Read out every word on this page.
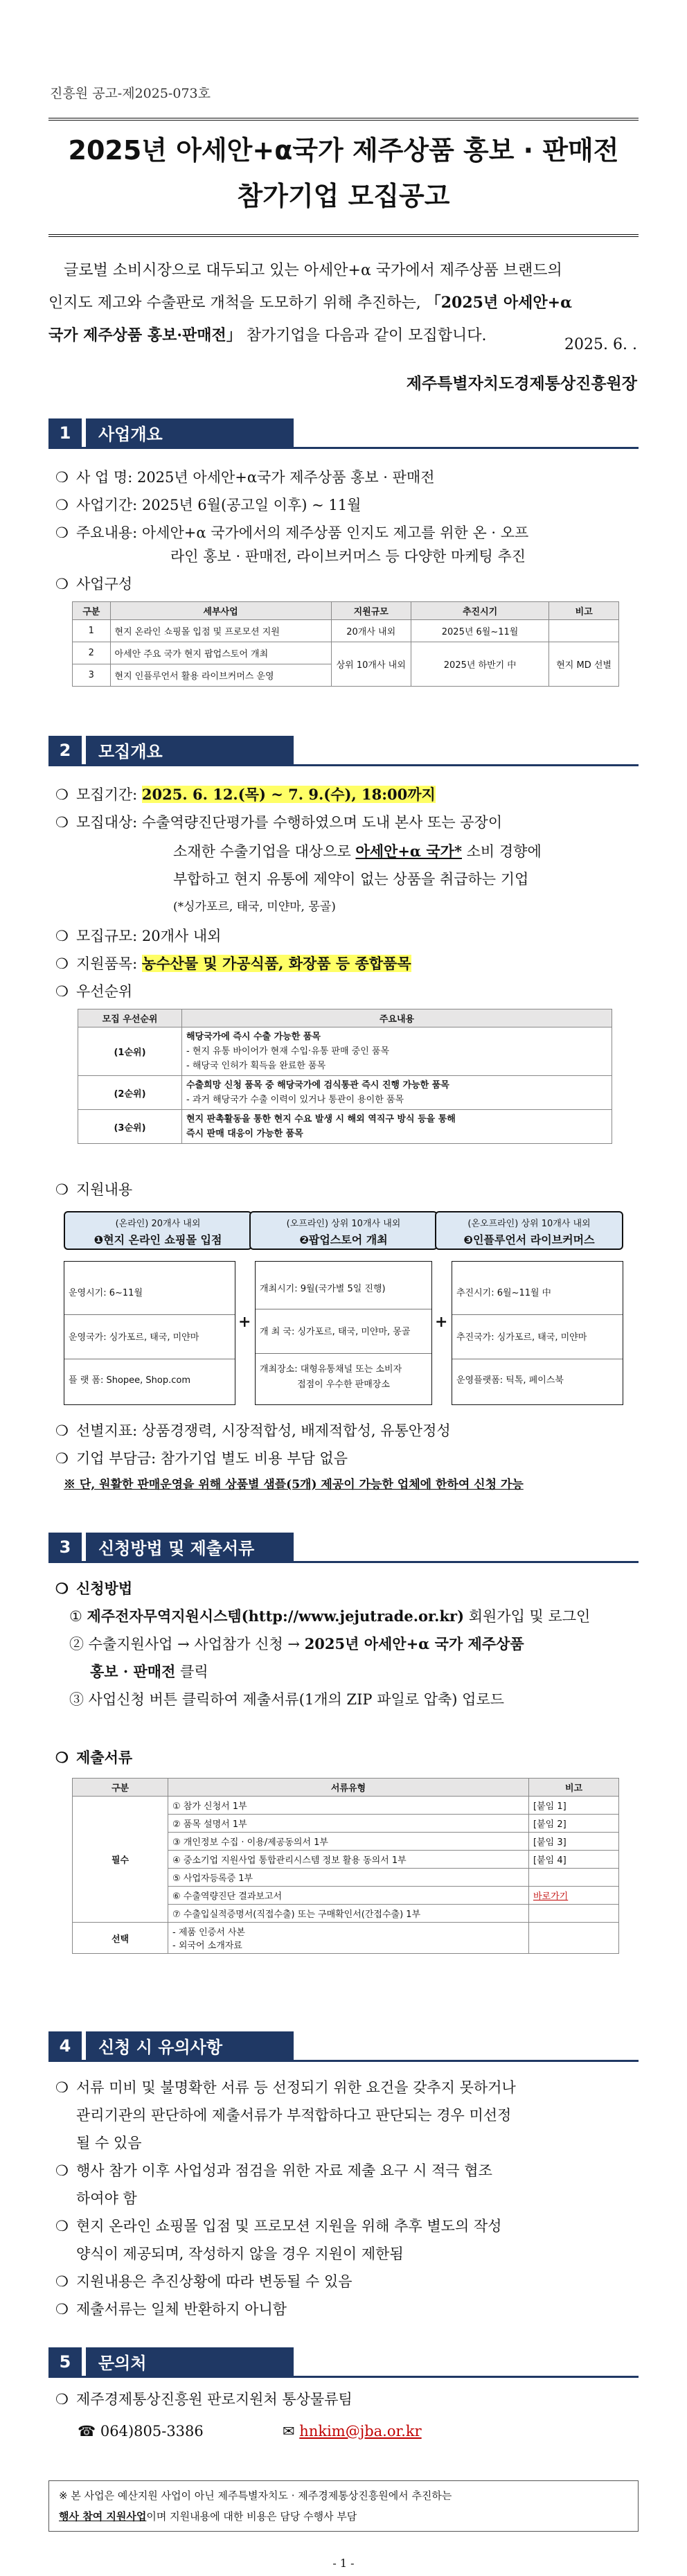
진흥원 공고-제2025-073호
2025년 아세안+α국가 제주상품 홍보 · 판매전
참가기업 모집공고
글로벌 소비시장으로 대두되고 있는 아세안+α 국가에서 제주상품 브랜드의
인지도 제고와 수출판로 개척을 도모하기 위해 추진하는, 「2025년 아세안+α
국가 제주상품 홍보·판매전」 참가기업을 다음과 같이 모집합니다.
2025. 6. .
제주특별자치도경제통상진흥원장
1	사업개요
❍ 사 업 명: 2025년 아세안+α국가 제주상품 홍보 · 판매전
❍ 사업기간: 2025년 6월(공고일 이후) ~ 11월
❍ 주요내용: 아세안+α 국가에서의 제주상품 인지도 제고를 위한 온 · 오프
라인 홍보 · 판매전, 라이브커머스 등 다양한 마케팅 추진
❍ 사업구성
구분	세부사업	지원규모	추진시기	비고
1	현지 온라인 쇼핑몰 입점 및 프로모션 지원	20개사 내외	2025년 6월~11월	
2	아세안 주요 국가 현지 팝업스토어 개최	상위 10개사 내외	2025년 하반기 中	현지 MD 선별
3	현지 인플루언서 활용 라이브커머스 운영			
2	모집개요
❍ 모집기간: 2025. 6. 12.(목) ~ 7. 9.(수), 18:00까지
❍ 모집대상: 수출역량진단평가를 수행하였으며 도내 본사 또는 공장이
소재한 수출기업을 대상으로 아세안+α 국가* 소비 경향에
부합하고 현지 유통에 제약이 없는 상품을 취급하는 기업
(*싱가포르, 태국, 미얀마, 몽골)
❍ 모집규모: 20개사 내외
❍ 지원품목: 농수산물 및 가공식품, 화장품 등 종합품목
❍ 우선순위
모집 우선순위	주요내용
(1순위)	해당국가에 즉시 수출 가능한 품목
- 현지 유통 바이어가 현재 수입·유통 판매 중인 품목
- 해당국 인허가 획득을 완료한 품목

(2순위)	수출희망 신청 품목 중 해당국가에 검식통관 즉시 진행 가능한 품목
- 과거 해당국가 수출 이력이 있거나 통관이 용이한 품목

(3순위)	현지 판촉활동을 통한 현지 수요 발생 시 해외 역직구 방식 등을 통해
즉시 판매 대응이 가능한 품목
❍ 지원내용
(온라인) 20개사 내외
❶현지 온라인 쇼핑몰 입점
(오프라인) 상위 10개사 내외
❷팝업스토어 개최
(온오프라인) 상위 10개사 내외
❸인플루언서 라이브커머스
운영시기: 6~11월
운영국가: 싱가포르, 태국, 미얀마
플 랫 폼: Shopee, Shop.com
+
개최시기: 9월(국가별 5일 진행)
개 최 국: 싱가포르, 태국, 미얀마, 몽골
개최장소: 대형유통채널 또는 소비자
접점이 우수한 판매장소
+
추진시기: 6월~11월 中
추진국가: 싱가포르, 태국, 미얀마
운영플랫폼: 틱톡, 페이스북
❍ 선별지표: 상품경쟁력, 시장적합성, 배제적합성, 유통안정성
❍ 기업 부담금: 참가기업 별도 비용 부담 없음
※ 단, 원활한 판매운영을 위해 상품별 샘플(5개) 제공이 가능한 업체에 한하여 신청 가능
3	신청방법 및 제출서류
❍ 신청방법
① 제주전자무역지원시스템(http://www.jejutrade.or.kr) 회원가입 및 로그인
② 수출지원사업 → 사업참가 신청 → 2025년 아세안+α 국가 제주상품
홍보 · 판매전 클릭
③ 사업신청 버튼 클릭하여 제출서류(1개의 ZIP 파일로 압축) 업로드
❍ 제출서류
구분	서류유형	비고
필수	① 참가 신청서 1부	[붙임 1]
	② 품목 설명서 1부	[붙임 2]
	③ 개인정보 수집 · 이용/제공동의서 1부	[붙임 3]
	④ 중소기업 지원사업 통합관리시스템 정보 활용 동의서 1부	[붙임 4]
	⑤ 사업자등록증 1부	
	⑥ 수출역량진단 결과보고서	바로가기
	⑦ 수출입실적증명서(직접수출) 또는 구매확인서(간접수출) 1부	
선택	- 제품 인증서 사본
- 외국어 소개자료	

4	신청 시 유의사항
❍ 서류 미비 및 불명확한 서류 등 선정되기 위한 요건을 갖추지 못하거나
관리기관의 판단하에 제출서류가 부적합하다고 판단되는 경우 미선정
될 수 있음
❍ 행사 참가 이후 사업성과 점검을 위한 자료 제출 요구 시 적극 협조
하여야 함
❍ 현지 온라인 쇼핑몰 입점 및 프로모션 지원을 위해 추후 별도의 작성
양식이 제공되며, 작성하지 않을 경우 지원이 제한됨
❍ 지원내용은 추진상황에 따라 변동될 수 있음
❍ 제출서류는 일체 반환하지 아니함
5	문의처
❍ 제주경제통상진흥원 판로지원처 통상물류팀
☎ 064)805-3386	✉ hnkim@jba.or.kr
※ 본 사업은 예산지원 사업이 아닌 제주특별자치도 · 제주경제통상진흥원에서 추진하는
행사 참여 지원사업이며 지원내용에 대한 비용은 담당 수행사 부담
- 1 -
